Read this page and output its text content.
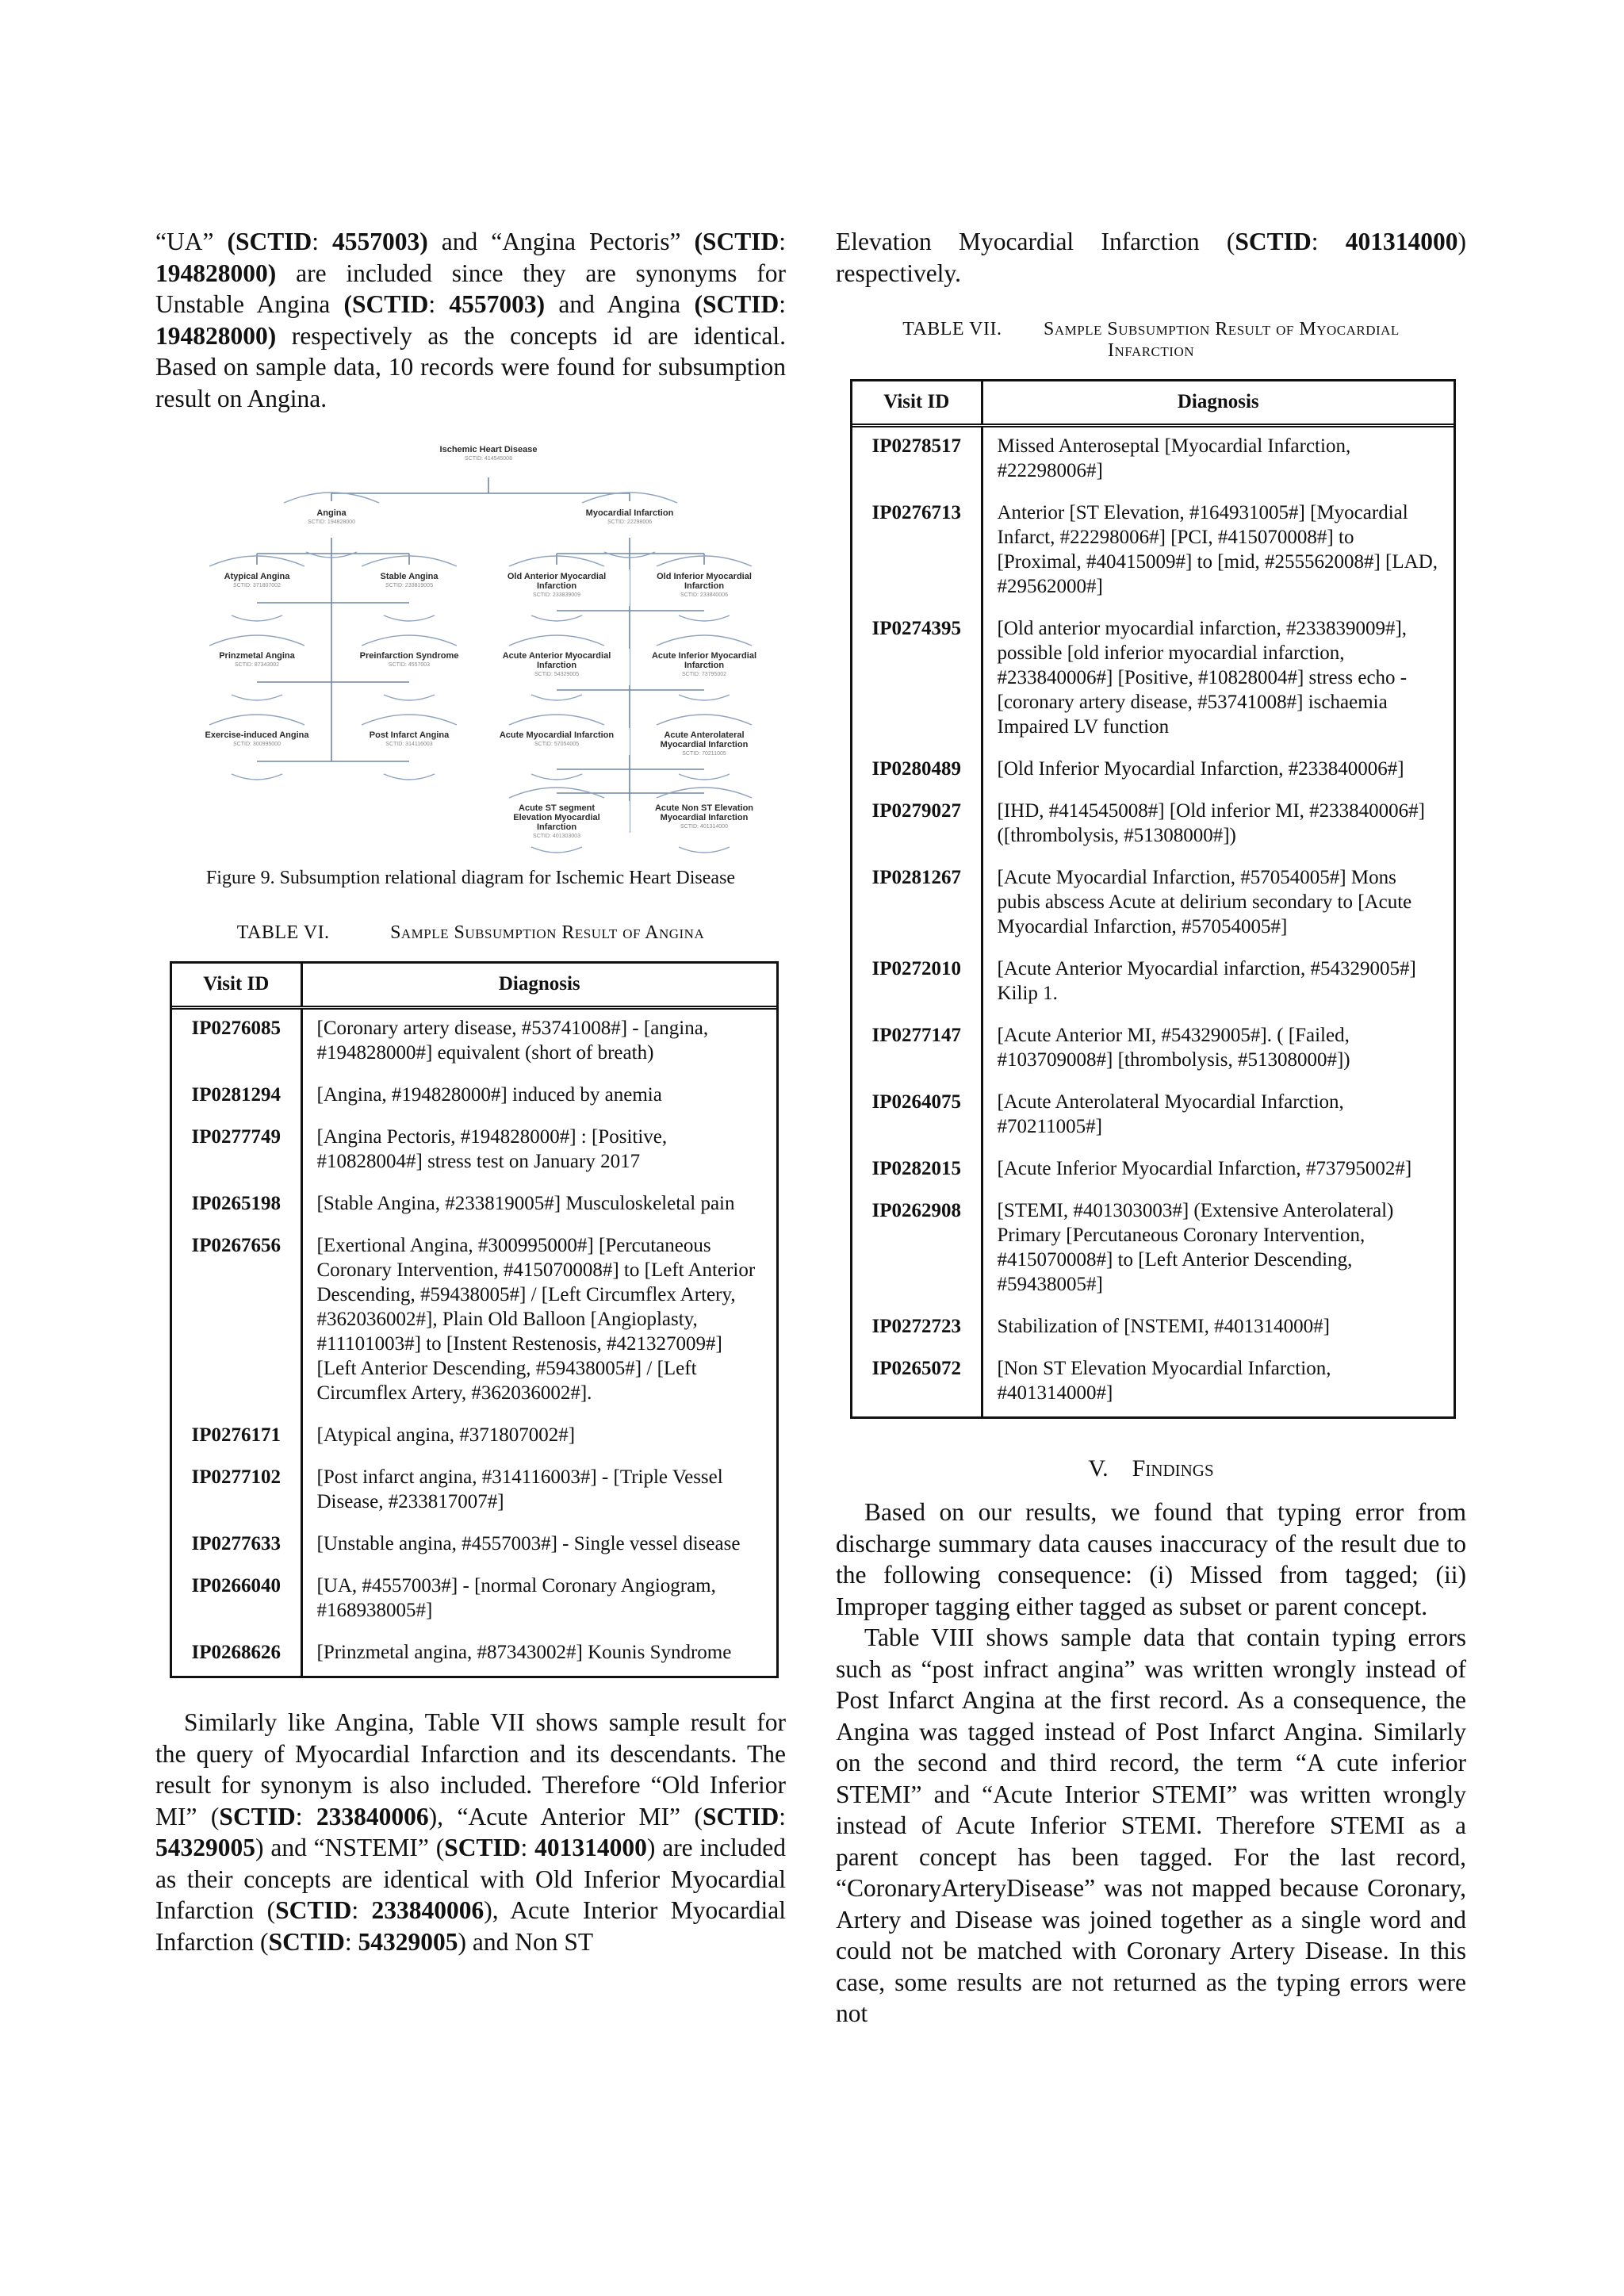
“UA” (SCTID: 4557003) and “Angina Pectoris” (SCTID: 194828000) are included since they are synonyms for Unstable Angina (SCTID: 4557003) and Angina (SCTID: 194828000) respectively as the concepts id are identical. Based on sample data, 10 records were found for subsumption result on Angina.

Ischemic Heart Disease
SCTID: 414545008
Angina
SCTID: 194828000
Myocardial Infarction
SCTID: 22298006
Atypical Angina
SCTID: 371807002
Stable Angina
SCTID: 233819005
Old Anterior Myocardial
Infarction
SCTID: 233839009
Old Inferior Myocardial
Infarction
SCTID: 233840006
Prinzmetal Angina
SCTID: 87343002
Preinfarction Syndrome
SCTID: 4557003
Acute Anterior Myocardial
Infarction
SCTID: 54329005
Acute Inferior Myocardial
Infarction
SCTID: 73795002
Exercise-induced Angina
SCTID: 300995000
Post Infarct Angina
SCTID: 314116003
Acute Myocardial Infarction
SCTID: 57054005
Acute Anterolateral
Myocardial Infarction
SCTID: 70211005
Acute ST segment
Elevation Myocardial
Infarction
SCTID: 401303003
Acute Non ST Elevation
Myocardial Infarction
SCTID: 401314000

Figure 9. Subsumption relational diagram for Ischemic Heart Disease

TABLE VI.	Sample Subsumption Result of Angina
Visit ID	Diagnosis
IP0276085	[Coronary artery disease, #53741008#] - [angina, #194828000#] equivalent (short of breath)
IP0281294	[Angina, #194828000#] induced by anemia
IP0277749	[Angina Pectoris, #194828000#] : [Positive, #10828004#] stress test on January 2017
IP0265198	[Stable Angina, #233819005#] Musculoskeletal pain
IP0267656	[Exertional Angina, #300995000#] [Percutaneous Coronary Intervention, #415070008#] to [Left Anterior Descending, #59438005#] / [Left Circumflex Artery, #362036002#], Plain Old Balloon [Angioplasty, #11101003#] to [Instent Restenosis, #421327009#] [Left Anterior Descending, #59438005#] / [Left Circumflex Artery, #362036002#].
IP0276171	[Atypical angina, #371807002#]
IP0277102	[Post infarct angina, #314116003#] - [Triple Vessel Disease, #233817007#]
IP0277633	[Unstable angina, #4557003#] - Single vessel disease
IP0266040	[UA, #4557003#] - [normal Coronary Angiogram, #168938005#]
IP0268626	[Prinzmetal angina, #87343002#] Kounis Syndrome

Similarly like Angina, Table VII shows sample result for the query of Myocardial Infarction and its descendants. The result for synonym is also included. Therefore “Old Inferior MI” (SCTID: 233840006), “Acute Anterior MI” (SCTID: 54329005) and “NSTEMI” (SCTID: 401314000) are included as their concepts are identical with Old Inferior Myocardial Infarction (SCTID: 233840006), Acute Interior Myocardial Infarction (SCTID: 54329005) and Non ST

Elevation Myocardial Infarction (SCTID: 401314000) respectively.

TABLE VII. Sample Subsumption Result of Myocardial Infarction
Visit ID	Diagnosis
IP0278517	Missed Anteroseptal [Myocardial Infarction, #22298006#]
IP0276713	Anterior [ST Elevation, #164931005#] [Myocardial Infarct, #22298006#] [PCI, #415070008#] to [Proximal, #40415009#] to [mid, #255562008#] [LAD, #29562000#]
IP0274395	[Old anterior myocardial infarction, #233839009#], possible [old inferior myocardial infarction, #233840006#] [Positive, #10828004#] stress echo - [coronary artery disease, #53741008#] ischaemia Impaired LV function
IP0280489	[Old Inferior Myocardial Infarction, #233840006#]
IP0279027	[IHD, #414545008#] [Old inferior MI, #233840006#] ([thrombolysis, #51308000#])
IP0281267	[Acute Myocardial Infarction, #57054005#] Mons pubis abscess Acute at delirium secondary to [Acute Myocardial Infarction, #57054005#]
IP0272010	[Acute Anterior Myocardial infarction, #54329005#] Kilip 1.
IP0277147	[Acute Anterior MI, #54329005#]. ( [Failed, #103709008#] [thrombolysis, #51308000#])
IP0264075	[Acute Anterolateral Myocardial Infarction, #70211005#]
IP0282015	[Acute Inferior Myocardial Infarction, #73795002#]
IP0262908	[STEMI, #401303003#] (Extensive Anterolateral) Primary [Percutaneous Coronary Intervention, #415070008#] to [Left Anterior Descending, #59438005#]
IP0272723	Stabilization of [NSTEMI, #401314000#]
IP0265072	[Non ST Elevation Myocardial Infarction, #401314000#]

V. Findings

Based on our results, we found that typing error from discharge summary data causes inaccuracy of the result due to the following consequence: (i) Missed from tagged; (ii) Improper tagging either tagged as subset or parent concept.

Table VIII shows sample data that contain typing errors such as “post infract angina” was written wrongly instead of Post Infarct Angina at the first record. As a consequence, the Angina was tagged instead of Post Infarct Angina. Similarly on the second and third record, the term “A cute inferior STEMI” and “Acute Interior STEMI” was written wrongly instead of Acute Inferior STEMI. Therefore STEMI as a parent concept has been tagged. For the last record, “CoronaryArteryDisease” was not mapped because Coronary, Artery and Disease was joined together as a single word and could not be matched with Coronary Artery Disease. In this case, some results are not returned as the typing errors were not
